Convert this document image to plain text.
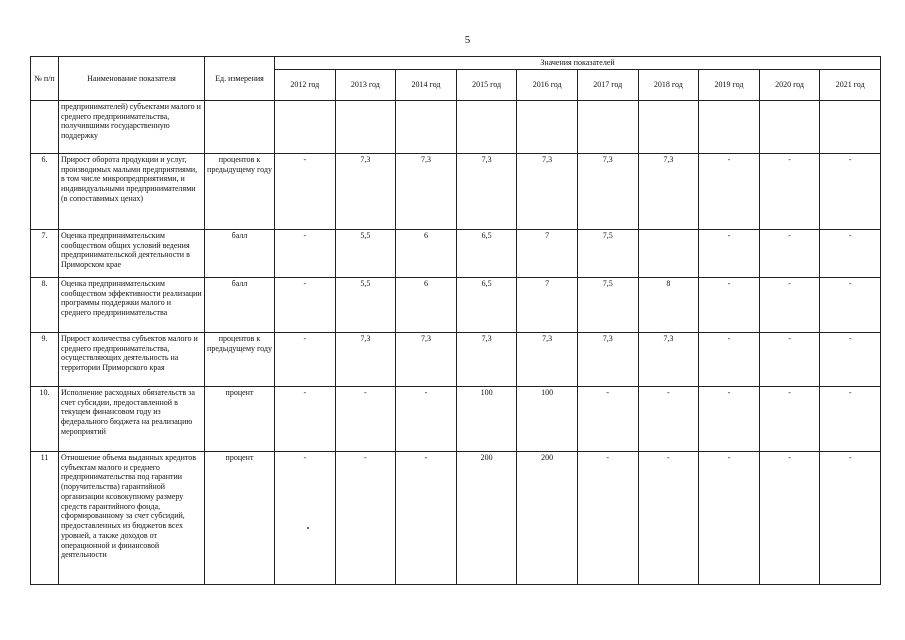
5
№ п/п	Наименование показателя	Ед. измерения	Значения показателей									
			2012 год	2013 год	2014 год	2015 год	2016 год	2017 год	2018 год	2019 год	2020 год	2021 год
	предпринимателей) субъектами малого и среднего предпринимательства, получившими государственную поддержку											
6.	Прирост оборота продукции и услуг, производимых малыми предприятиями, в том числе микропредприятиями, и индивидуальными предпринимателями (в сопоставимых ценах)	процентов к предыдущему году	-	7,3	7,3	7,3	7,3	7,3	7,3	-	-	-
7.	Оценка предпринимательским сообществом общих условий ведения предпринимательской деятельности в Приморском крае	балл	-	5,5	6	6,5	7	7,5		-	-	-
8.	Оценка предпринимательским сообществом эффективности реализации программы поддержки малого и среднего предпринимательства	балл	-	5,5	6	6,5	7	7,5	8	-	-	-
9.	Прирост количества субъектов малого и среднего предпринимательства, осуществляющих деятельность на территории Приморского края	процентов к предыдущему году	-	7,3	7,3	7,3	7,3	7,3	7,3	-	-	-
10.	Исполнение расходных обязательств за счет субсидии, предоставленной в текущем финансовом году из федерального бюджета на реализацию мероприятий	процент	-	-	-	100	100	-	-	-	-	-
11	Отношение объема выданных кредитов субъектам малого и среднего предпринимательства под гарантии (поручительства) гарантийной организации ксовокупному размеру средств гарантийного фонда, сформированному за счет субсидий, предоставленных из бюджетов всех уровней, а также доходов от операционной и финансовой деятельности	процент	-	-	-	200	200	-	-	-	-	-
